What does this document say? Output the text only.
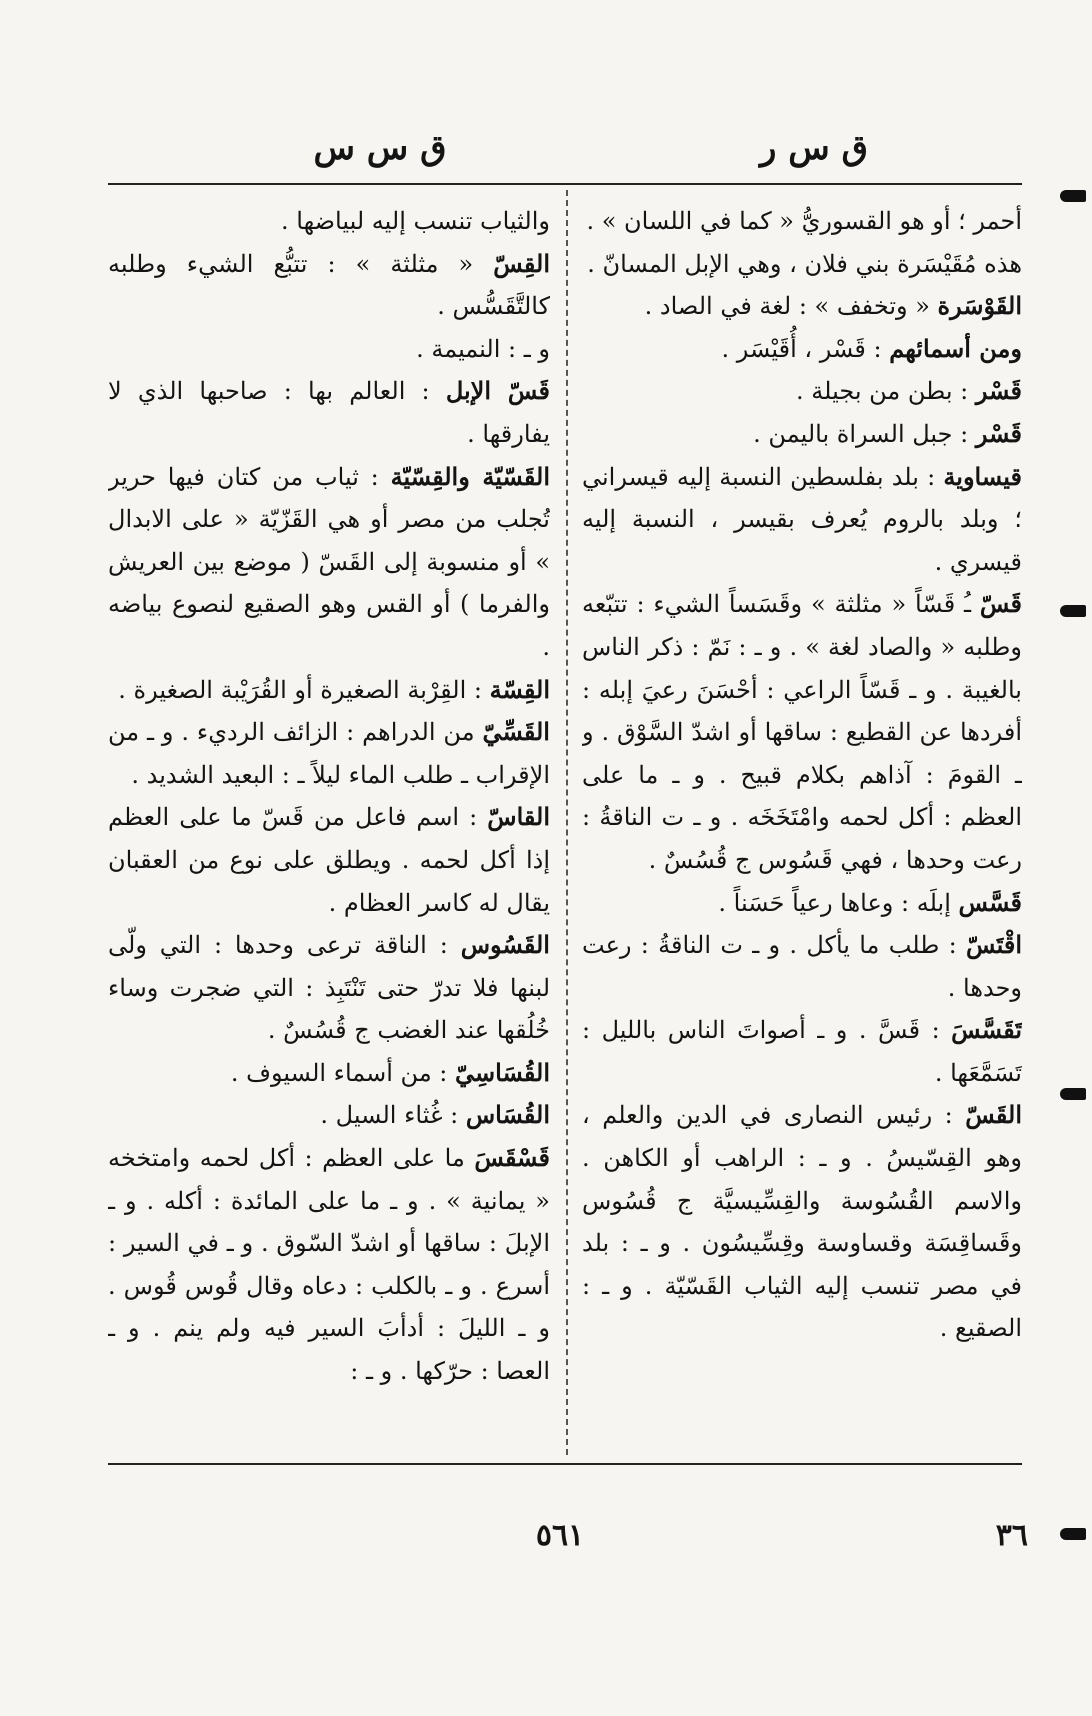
ق س ر
ق س س

أحمر ؛ أو هو القسوريُّ « كما في اللسان » .

هذه مُقَيْسَرة بني فلان ، وهي الإبل المسانّ .

القَوْسَرة « وتخفف » : لغة في الصاد .

ومن أسمائهم : قَسْر ، أُقَيْسَر .

قَسْر : بطن من بجيلة .

قَسْر : جبل السراة باليمن .

قيساوية : بلد بفلسطين النسبة إليه قيسراني ؛ وبلد بالروم يُعرف بقيسر ، النسبة إليه قيسري .

قَسّ ـُ قَسّاً « مثلثة » وقَسَساً الشيء : تتبّعه وطلبه « والصاد لغة » . و ـ : نَمّ : ذكر الناس بالغيبة . و ـ قَسّاً الراعي : أحْسَنَ رعيَ إبله : أفردها عن القطيع : ساقها أو اشدّ السَّوْق . و ـ القومَ : آذاهم بكلام قبيح . و ـ ما على العظم : أكل لحمه وامْتَخَخَه . و ـ ت الناقةُ : رعت وحدها ، فهي قَسُوس ج قُسُسٌ .

قَسَّس إبلَه : وعاها رعياً حَسَناً .

اقْتَسّ : طلب ما يأكل . و ـ ت الناقةُ : رعت وحدها .

تَقَسَّسَ : قَسَّ . و ـ أصواتَ الناس بالليل : تَسَمَّعَها .

القَسّ : رئيس النصارى في الدين والعلم ، وهو القِسّيسُ . و ـ : الراهب أو الكاهن . والاسم القُسُوسة والقِسِّيسيَّة ج قُسُوس وقَساقِسَة وقساوسة وقِسِّيسُون . و ـ : بلد في مصر تنسب إليه الثياب القَسّيّة . و ـ : الصقيع .

والثياب تنسب إليه لبياضها .

القِسّ « مثلثة » : تتبُّع الشيء وطلبه كالتَّقَسُّس .

و ـ : النميمة .

قَسّ الإبل : العالم بها : صاحبها الذي لا يفارقها .

القَسّيّة والقِسّيّة : ثياب من كتان فيها حرير تُجلب من مصر أو هي القَزّيّة « على الابدال » أو منسوبة إلى القَسّ ( موضع بين العريش والفرما ) أو القس وهو الصقيع لنصوع بياضه .

القِسّة : القِرْبة الصغيرة أو القُرَيْبة الصغيرة .

القَسِّيّ من الدراهم : الزائف الرديء . و ـ من الإقراب ـ طلب الماء ليلاً ـ : البعيد الشديد .

القاسّ : اسم فاعل من قَسّ ما على العظم إذا أكل لحمه . ويطلق على نوع من العقبان يقال له كاسر العظام .

القَسُوس : الناقة ترعى وحدها : التي ولّى لبنها فلا تدرّ حتى تَنْتَبِذ : التي ضجرت وساء خُلُقها عند الغضب ج قُسُسٌ .

القُسَاسِيّ : من أسماء السيوف .

القُسَاس : غُثاء السيل .

قَسْقَسَ ما على العظم : أكل لحمه وامتخخه « يمانية » . و ـ ما على المائدة : أكله . و ـ الإبلَ : ساقها أو اشدّ السّوق . و ـ في السير : أسرع . و ـ بالكلب : دعاه وقال قُوس قُوس . و ـ الليلَ : أدأبَ السير فيه ولم ينم . و ـ العصا : حرّكها . و ـ :

٣٦
٥٦١
